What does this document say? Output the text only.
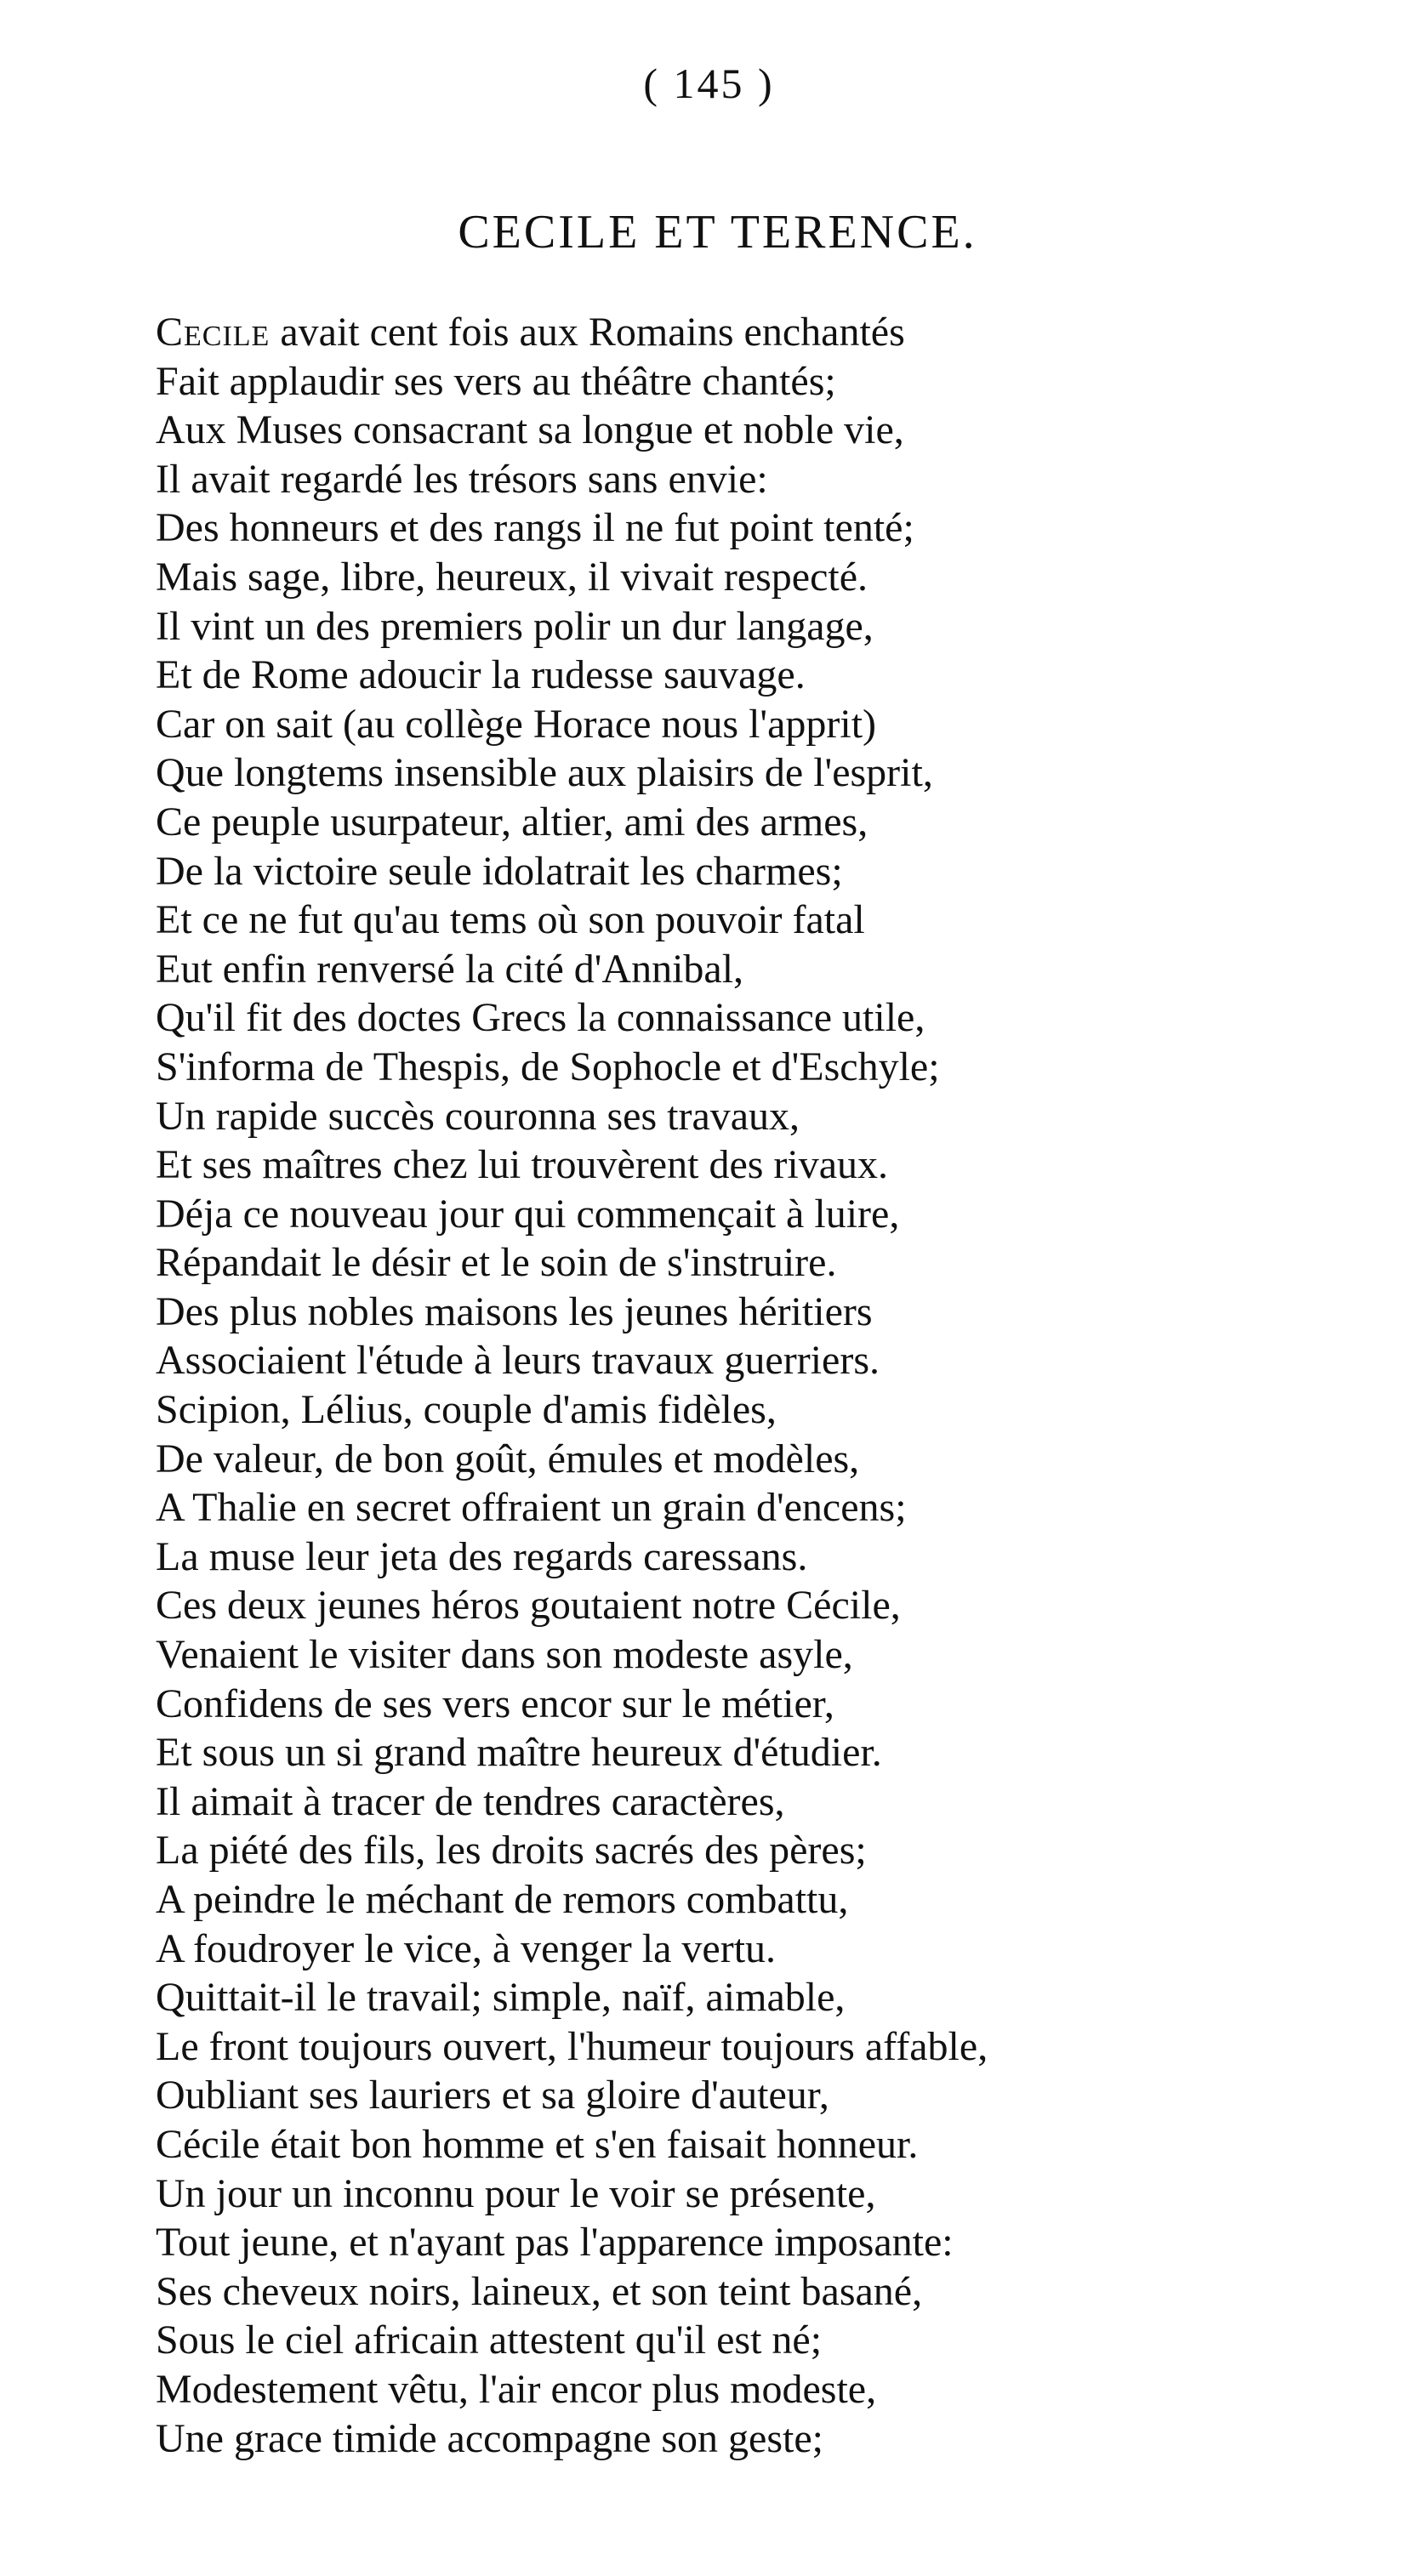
( 145 )
CECILE ET TERENCE.
Cecile avait cent fois aux Romains enchantés
Fait applaudir ses vers au théâtre chantés;
Aux Muses consacrant sa longue et noble vie,
Il avait regardé les trésors sans envie:
Des honneurs et des rangs il ne fut point tenté;
Mais sage, libre, heureux, il vivait respecté.
Il vint un des premiers polir un dur langage,
Et de Rome adoucir la rudesse sauvage.
Car on sait (au collège Horace nous l'apprit)
Que longtems insensible aux plaisirs de l'esprit,
Ce peuple usurpateur, altier, ami des armes,
De la victoire seule idolatrait les charmes;
Et ce ne fut qu'au tems où son pouvoir fatal
Eut enfin renversé la cité d'Annibal,
Qu'il fit des doctes Grecs la connaissance utile,
S'informa de Thespis, de Sophocle et d'Eschyle;
Un rapide succès couronna ses travaux,
Et ses maîtres chez lui trouvèrent des rivaux.
Déja ce nouveau jour qui commençait à luire,
Répandait le désir et le soin de s'instruire.
Des plus nobles maisons les jeunes héritiers
Associaient l'étude à leurs travaux guerriers.
Scipion, Lélius, couple d'amis fidèles,
De valeur, de bon goût, émules et modèles,
A Thalie en secret offraient un grain d'encens;
La muse leur jeta des regards caressans.
Ces deux jeunes héros goutaient notre Cécile,
Venaient le visiter dans son modeste asyle,
Confidens de ses vers encor sur le métier,
Et sous un si grand maître heureux d'étudier.
Il aimait à tracer de tendres caractères,
La piété des fils, les droits sacrés des pères;
A peindre le méchant de remors combattu,
A foudroyer le vice, à venger la vertu.
Quittait-il le travail; simple, naïf, aimable,
Le front toujours ouvert, l'humeur toujours affable,
Oubliant ses lauriers et sa gloire d'auteur,
Cécile était bon homme et s'en faisait honneur.
Un jour un inconnu pour le voir se présente,
Tout jeune, et n'ayant pas l'apparence imposante:
Ses cheveux noirs, laineux, et son teint basané,
Sous le ciel africain attestent qu'il est né;
Modestement vêtu, l'air encor plus modeste,
Une grace timide accompagne son geste;
